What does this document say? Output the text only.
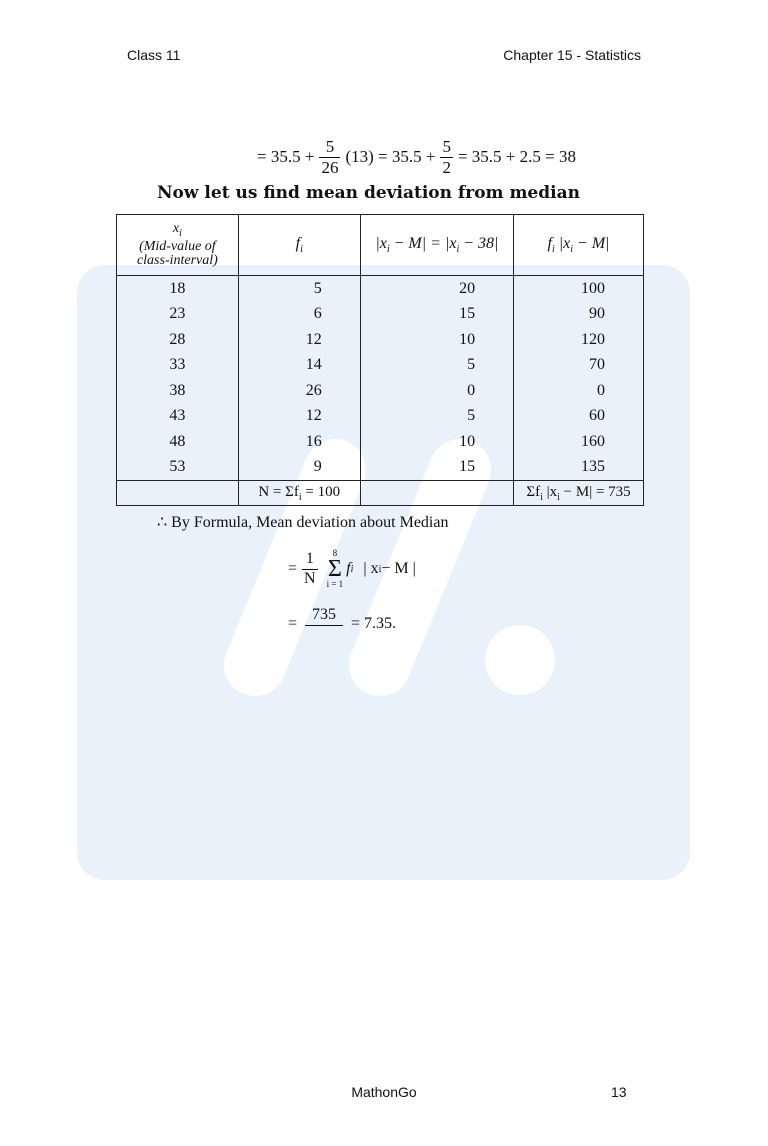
Class 11	Chapter 15 - Statistics
= $35.5 + \frac{5}{26} (13) = 35.5 + \frac{5}{2} = 35.5 + 2.5 = 38$
Now let us find mean deviation from median
$x_i$
(Mid-value of
class-interval)	$f_i$	$|x_i - M| = |x_i - 38|$	$f_i$ $|x_i - M|$
18	5	20	100
23	6	15	90
28	12	10	120
33	14	5	70
38	26	0	0
43	12	5	60
48	16	10	160
53	9	15	135
	$N = \Sigma f_i = 100$		$\Sigma f_i$ $|x_i - M| = 735$
∴ By Formula, Mean deviation about Median
= $\frac{1}{N} 8$
Σ
i = 1
f i | x i − M |
=
735
= 7.35.
MathonGo	13
